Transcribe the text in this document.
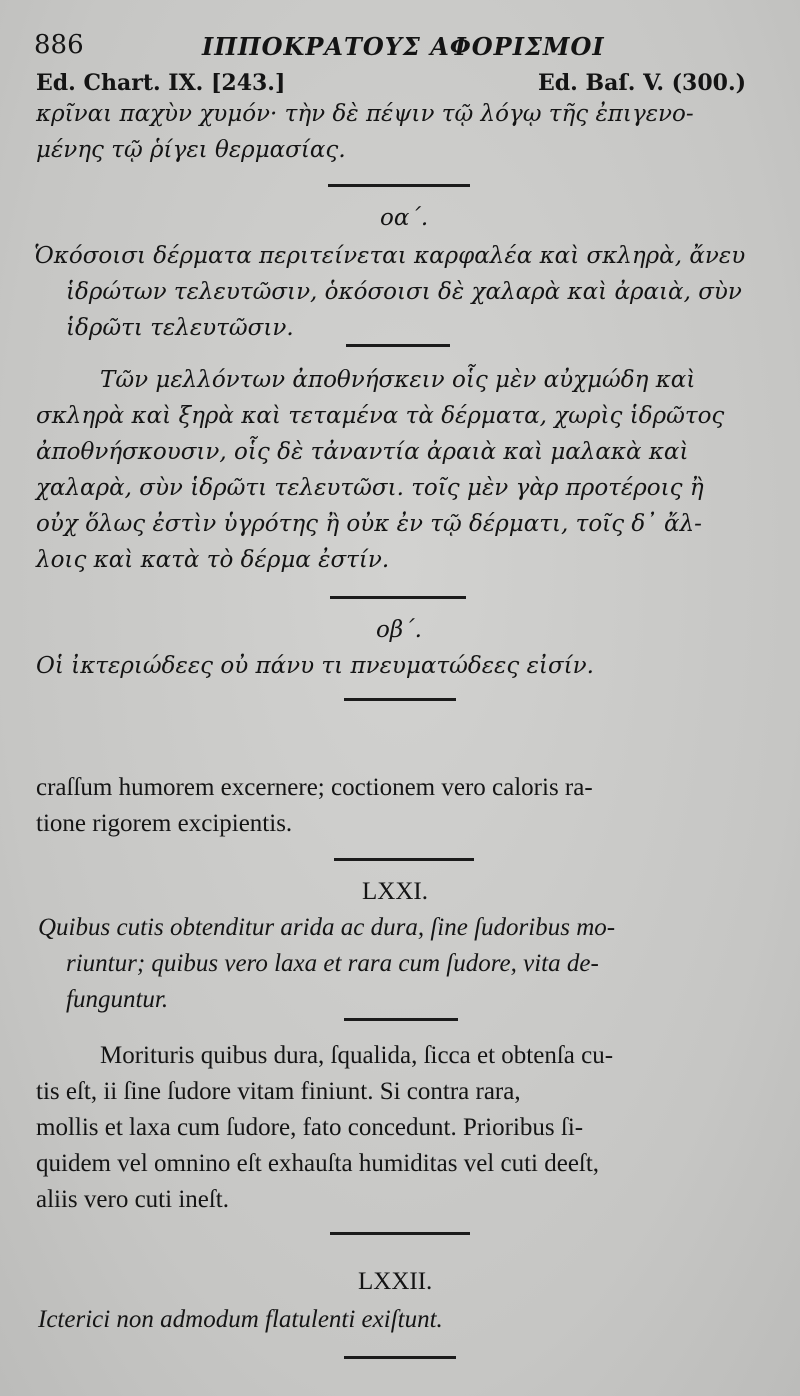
886	ΙΠΠΟΚΡΑΤΟΥΣ ΑΦΟΡΙΣΜΟΙ
Ed. Chart. IX. [243.]	Ed. Baſ. V. (300.)
κρῖναι παχὺν χυμόν· τὴν δὲ πέψιν τῷ λόγῳ τῆς ἐπιγενο-
μένης τῷ ῥίγει θερμασίας.
οα΄.
Ὁκόσοισι δέρματα περιτείνεται καρφαλέα καὶ σκληρὰ, ἄνευ
ἱδρώτων τελευτῶσιν, ὁκόσοισι δὲ χαλαρὰ καὶ ἀραιὰ, σὺν
ἱδρῶτι τελευτῶσιν.
Τῶν μελλόντων ἀποθνήσκειν οἷς μὲν αὐχμώδη καὶ
σκληρὰ καὶ ξηρὰ καὶ τεταμένα τὰ δέρματα, χωρὶς ἱδρῶτος
ἀποθνήσκουσιν, οἷς δὲ τἀναντία ἀραιὰ καὶ μαλακὰ καὶ
χαλαρὰ, σὺν ἱδρῶτι τελευτῶσι. τοῖς μὲν γὰρ προτέροις ἢ
οὐχ ὅλως ἐστὶν ὑγρότης ἢ οὐκ ἐν τῷ δέρματι, τοῖς δ᾽ ἄλ-
λοις καὶ κατὰ τὸ δέρμα ἐστίν.
οβ΄.
Οἱ ἰκτεριώδεες οὐ πάνυ τι πνευματώδεες εἰσίν.
craſſum humorem excernere; coctionem vero caloris ra-
tione rigorem excipientis.
LXXI.
Quibus cutis obtenditur arida ac dura, ſine ſudoribus mo-
riuntur; quibus vero laxa et rara cum ſudore, vita de-
funguntur.
Morituris quibus dura, ſqualida, ſicca et obtenſa cu-
tis eſt, ii ſine ſudore vitam finiunt. Si contra rara,
mollis et laxa cum ſudore, fato concedunt. Prioribus ſi-
quidem vel omnino eſt exhauſta humiditas vel cuti deeſt,
aliis vero cuti ineſt.
LXXII.
Icterici non admodum flatulenti exiſtunt.
